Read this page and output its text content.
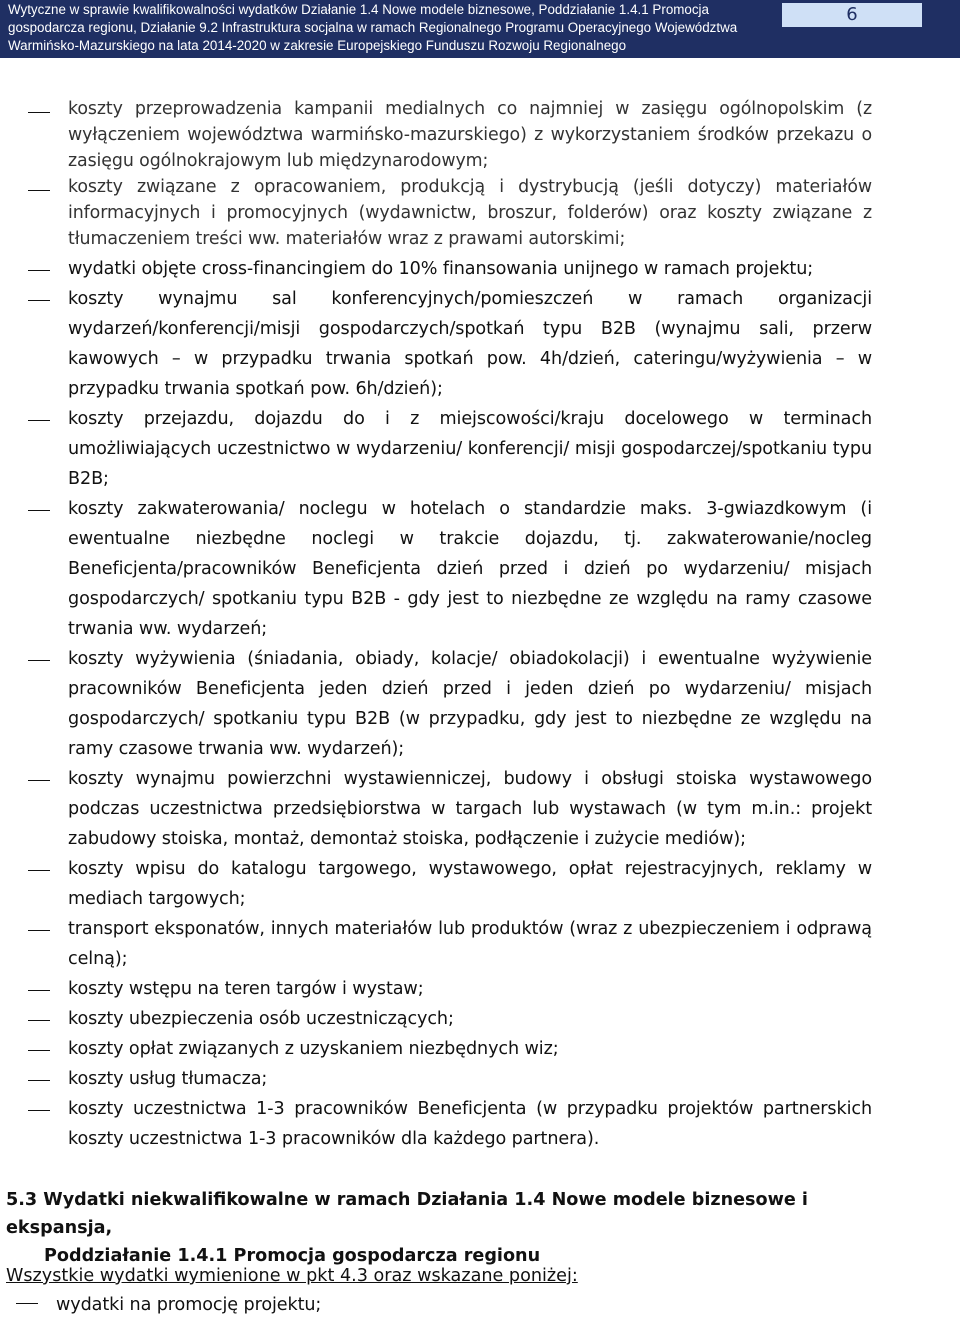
Wytyczne w sprawie kwalifikowalności wydatków Działanie 1.4 Nowe modele biznesowe, Poddziałanie 1.4.1 Promocja
gospodarcza regionu, Działanie 9.2 Infrastruktura socjalna w ramach Regionalnego Programu Operacyjnego Województwa
Warmińsko-Mazurskiego na lata 2014-2020 w zakresie Europejskiego Funduszu Rozwoju Regionalnego
6
koszty przeprowadzenia kampanii medialnych co najmniej w zasięgu ogólnopolskim (z wyłączeniem województwa warmińsko-mazurskiego) z wykorzystaniem środków przekazu o zasięgu ogólnokrajowym lub międzynarodowym;
koszty związane z opracowaniem, produkcją i dystrybucją (jeśli dotyczy) materiałów informacyjnych i promocyjnych (wydawnictw, broszur, folderów) oraz koszty związane z tłumaczeniem treści ww. materiałów wraz z prawami autorskimi;
wydatki objęte cross-financingiem do 10% finansowania unijnego w ramach projektu;
koszty wynajmu sal konferencyjnych/pomieszczeń w ramach organizacji wydarzeń/konferencji/misji gospodarczych/spotkań typu B2B (wynajmu sali, przerw kawowych – w przypadku trwania spotkań pow. 4h/dzień, cateringu/wyżywienia – w przypadku trwania spotkań pow. 6h/dzień);
koszty przejazdu, dojazdu do i z miejscowości/kraju docelowego w terminach umożliwiających uczestnictwo w wydarzeniu/ konferencji/ misji gospodarczej/spotkaniu typu B2B;
koszty zakwaterowania/ noclegu w hotelach o standardzie maks. 3-gwiazdkowym (i ewentualne niezbędne noclegi w trakcie dojazdu, tj. zakwaterowanie/nocleg Beneficjenta/pracowników Beneficjenta dzień przed i dzień po wydarzeniu/ misjach gospodarczych/ spotkaniu typu B2B - gdy jest to niezbędne ze względu na ramy czasowe trwania ww. wydarzeń;
koszty wyżywienia (śniadania, obiady, kolacje/ obiadokolacji) i ewentualne wyżywienie pracowników Beneficjenta jeden dzień przed i jeden dzień po wydarzeniu/ misjach gospodarczych/ spotkaniu typu B2B (w przypadku, gdy jest to niezbędne ze względu na ramy czasowe trwania ww. wydarzeń);
koszty wynajmu powierzchni wystawienniczej, budowy i obsługi stoiska wystawowego podczas uczestnictwa przedsiębiorstwa w targach lub wystawach (w tym m.in.: projekt zabudowy stoiska, montaż, demontaż stoiska, podłączenie i zużycie mediów);
koszty wpisu do katalogu targowego, wystawowego, opłat rejestracyjnych, reklamy w mediach targowych;
transport eksponatów, innych materiałów lub produktów (wraz z ubezpieczeniem i odprawą celną);
koszty wstępu na teren targów i wystaw;
koszty ubezpieczenia osób uczestniczących;
koszty opłat związanych z uzyskaniem niezbędnych wiz;
koszty usług tłumacza;
koszty uczestnictwa 1-3 pracowników Beneficjenta (w przypadku projektów partnerskich koszty uczestnictwa 1-3 pracowników dla każdego partnera).
5.3 Wydatki niekwalifikowalne w ramach Działania 1.4 Nowe modele biznesowe i ekspansja,
Poddziałanie 1.4.1 Promocja gospodarcza regionu
Wszystkie wydatki wymienione w pkt 4.3 oraz wskazane poniżej:
wydatki na promocję projektu;
